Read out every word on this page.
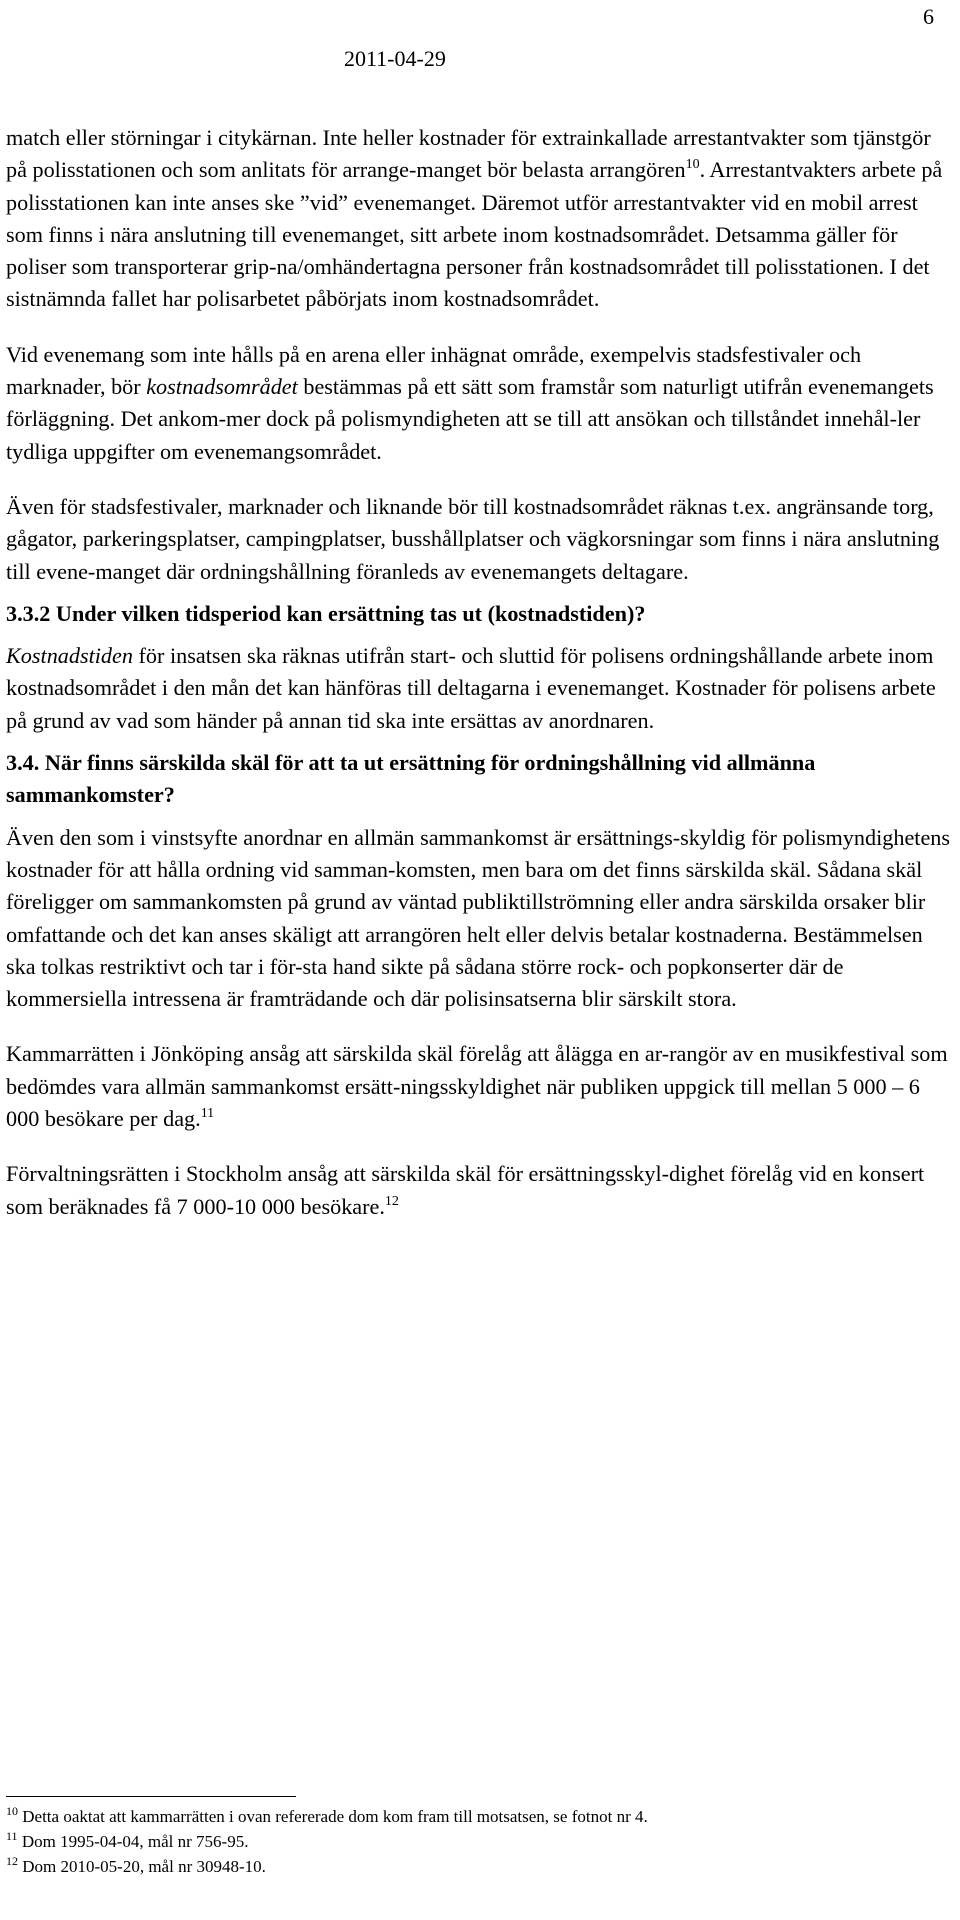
6
2011-04-29

match eller störningar i citykärnan. Inte heller kostnader för extrainkallade arrestantvakter som tjänstgör på polisstationen och som anlitats för arrange-manget bör belasta arrangören$^{10}$. Arrestantvakters arbete på polisstationen kan inte anses ske ”vid” evenemanget. Däremot utför arrestantvakter vid en mobil arrest som finns i nära anslutning till evenemanget, sitt arbete inom kostnadsområdet. Detsamma gäller för poliser som transporterar grip-na/omhändertagna personer från kostnadsområdet till polisstationen. I det sistnämnda fallet har polisarbetet påbörjats inom kostnadsområdet.

Vid evenemang som inte hålls på en arena eller inhägnat område, exempelvis stadsfestivaler och marknader, bör kostnadsområdet bestämmas på ett sätt som framstår som naturligt utifrån evenemangets förläggning. Det ankom-mer dock på polismyndigheten att se till att ansökan och tillståndet innehål-ler tydliga uppgifter om evenemangsområdet.

Även för stadsfestivaler, marknader och liknande bör till kostnadsområdet räknas t.ex. angränsande torg, gågator, parkeringsplatser, campingplatser, busshållplatser och vägkorsningar som finns i nära anslutning till evene-manget där ordningshållning föranleds av evenemangets deltagare.

3.3.2 Under vilken tidsperiod kan ersättning tas ut (kostnadstiden)?

Kostnadstiden för insatsen ska räknas utifrån start- och sluttid för polisens ordningshållande arbete inom kostnadsområdet i den mån det kan hänföras till deltagarna i evenemanget. Kostnader för polisens arbete på grund av vad som händer på annan tid ska inte ersättas av anordnaren.

3.4. När finns särskilda skäl för att ta ut ersättning för ordningshållning vid allmänna sammankomster?

Även den som i vinstsyfte anordnar en allmän sammankomst är ersättnings-skyldig för polismyndighetens kostnader för att hålla ordning vid samman-komsten, men bara om det finns särskilda skäl. Sådana skäl föreligger om sammankomsten på grund av väntad publiktillströmning eller andra särskilda orsaker blir omfattande och det kan anses skäligt att arrangören helt eller delvis betalar kostnaderna. Bestämmelsen ska tolkas restriktivt och tar i för-sta hand sikte på sådana större rock- och popkonserter där de kommersiella intressena är framträdande och där polisinsatserna blir särskilt stora.

Kammarrätten i Jönköping ansåg att särskilda skäl förelåg att ålägga en ar-rangör av en musikfestival som bedömdes vara allmän sammankomst ersätt-ningsskyldighet när publiken uppgick till mellan 5 000 – 6 000 besökare per dag.$^{11}$

Förvaltningsrätten i Stockholm ansåg att särskilda skäl för ersättningsskyl-dighet förelåg vid en konsert som beräknades få 7 000-10 000 besökare.$^{12}$

$^{10}$ Detta oaktat att kammarrätten i ovan refererade dom kom fram till motsatsen, se fotnot nr 4.

$^{11}$ Dom 1995-04-04, mål nr 756-95.

$^{12}$ Dom 2010-05-20, mål nr 30948-10.
